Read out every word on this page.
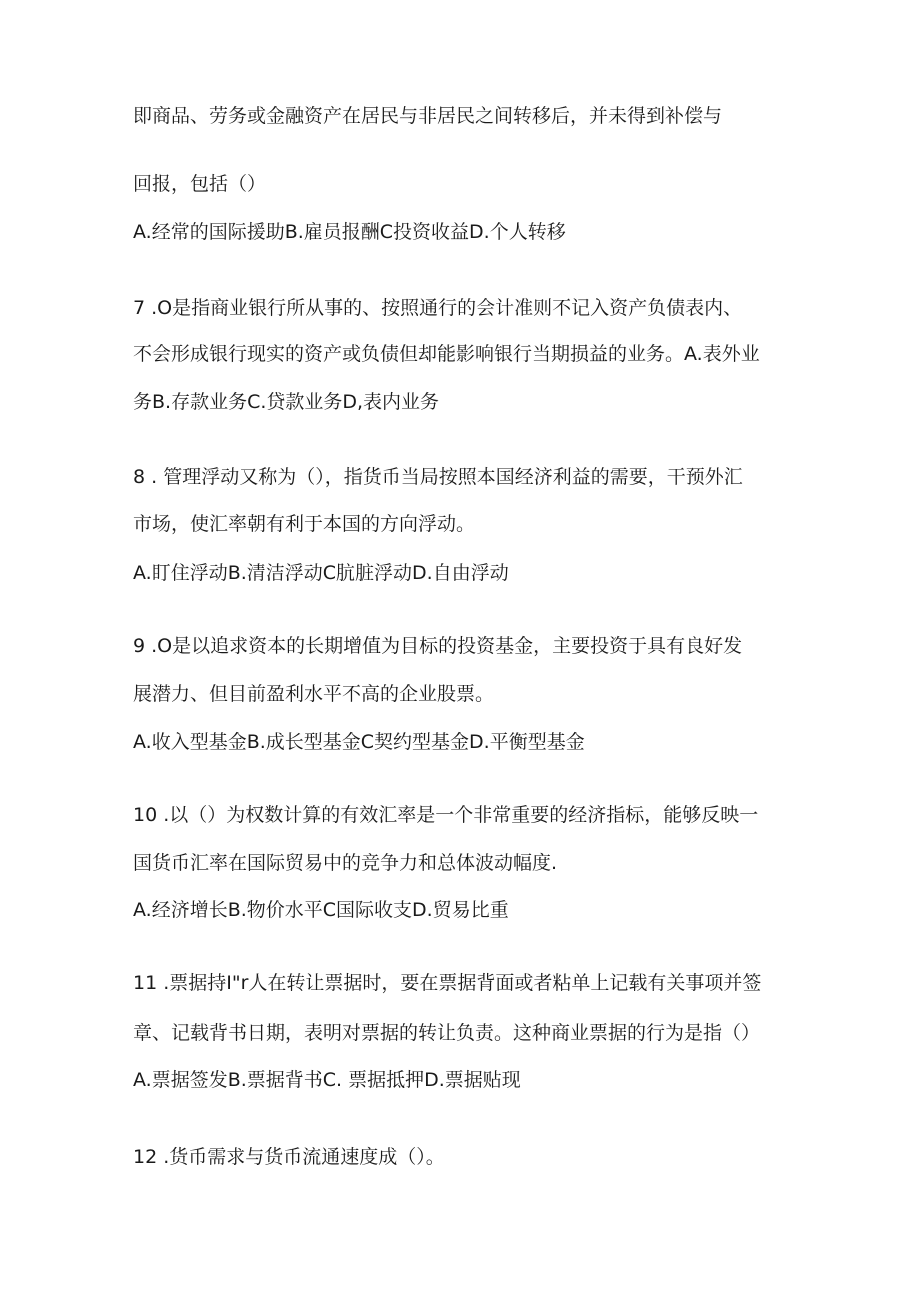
即商品、劳务或金融资产在居民与非居民之间转移后，并未得到补偿与
回报，包括（）
A.经常的国际援助B.雇员报酬C投资收益D.个人转移
7 .O是指商业银行所从事的、按照通行的会计准则不记入资产负债表内、
不会形成银行现实的资产或负债但却能影响银行当期损益的业务。A.表外业
务B.存款业务C.贷款业务D,表内业务
8 . 管理浮动又称为（），指货币当局按照本国经济利益的需要，干预外汇
市场，使汇率朝有利于本国的方向浮动。
A.盯住浮动B.清洁浮动C肮脏浮动D.自由浮动
9 .O是以追求资本的长期增值为目标的投资基金，主要投资于具有良好发
展潜力、但目前盈利水平不高的企业股票。
A.收入型基金B.成长型基金C契约型基金D.平衡型基金
10 .以（）为权数计算的有效汇率是一个非常重要的经济指标，能够反映一
国货币汇率在国际贸易中的竞争力和总体波动幅度.
A.经济增长B.物价水平C国际收支D.贸易比重
11 .票据持I"r人在转让票据时，要在票据背面或者粘单上记载有关事项并签
章、记载背书日期，表明对票据的转让负责。这种商业票据的行为是指（）
A.票据签发B.票据背书C. 票据抵押D.票据贴现
12 .货币需求与货币流通速度成（）。
